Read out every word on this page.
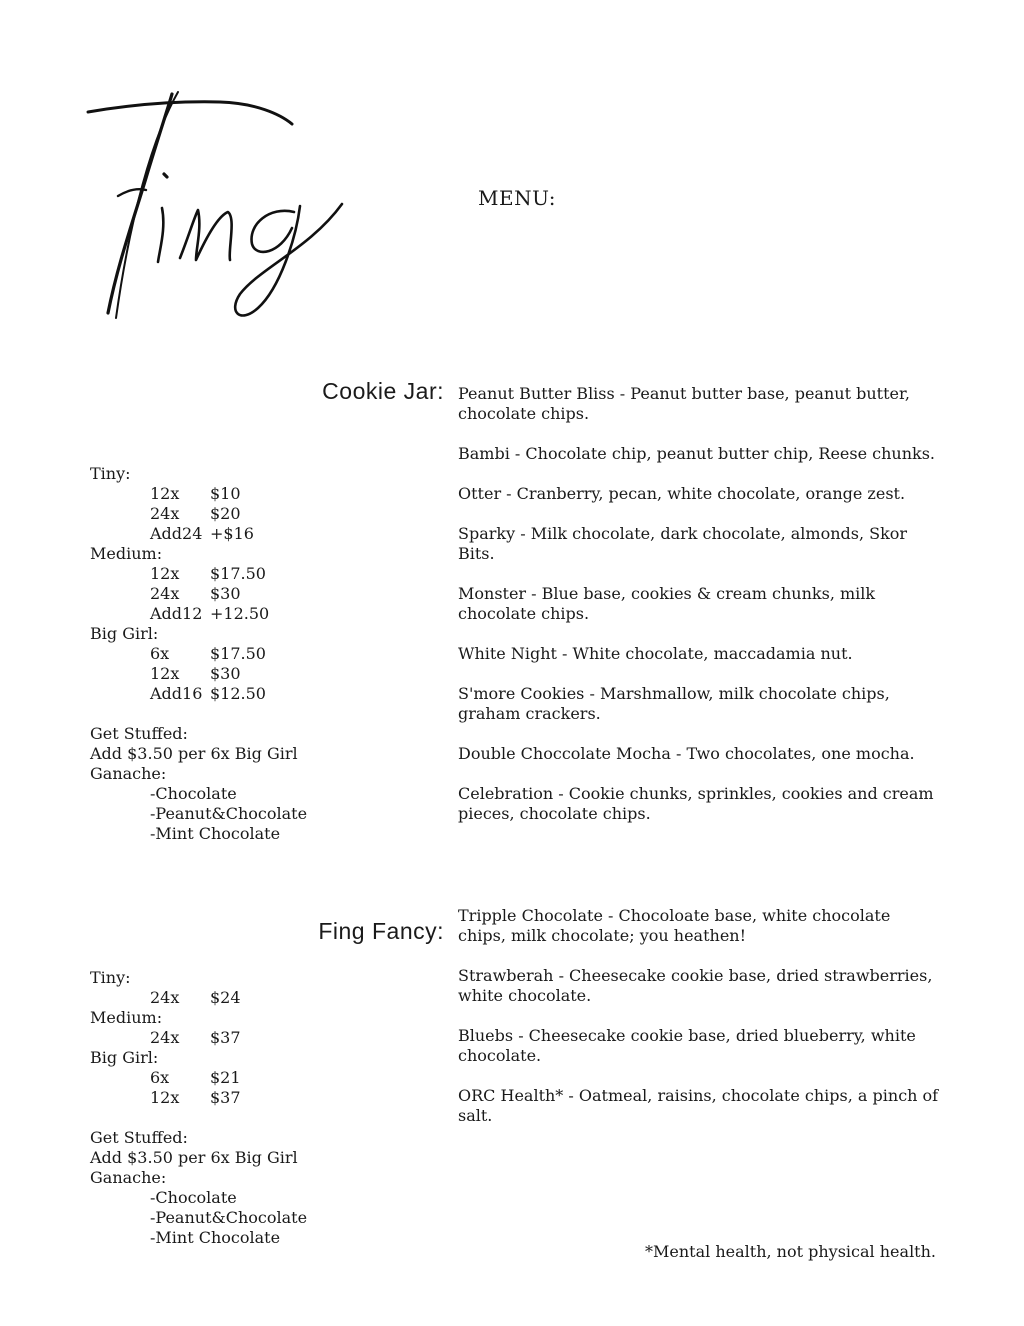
MENU:
Cookie Jar:
Tiny:
12x $10
24x $20
Add24 +$16
Medium:
12x $17.50
24x $30
Add12 +12.50
Big Girl:
6x	$17.50
12x $30
Add16 $12.50
Get Stuffed:
Add $3.50 per 6x Big Girl
Ganache:
-Chocolate
-Peanut&Chocolate
-Mint Chocolate
Peanut Butter Bliss - Peanut butter base, peanut butter, chocolate chips.
Bambi - Chocolate chip, peanut butter chip, Reese chunks.
Otter - Cranberry, pecan, white chocolate, orange zest.
Sparky - Milk chocolate, dark chocolate, almonds, Skor Bits.
Monster - Blue base, cookies & cream chunks, milk chocolate chips.
White Night - White chocolate, maccadamia nut.
S'more Cookies - Marshmallow, milk chocolate chips, graham crackers.
Double Choccolate Mocha - Two chocolates, one mocha.
Celebration - Cookie chunks, sprinkles, cookies and cream pieces, chocolate chips.
Fing Fancy:
Tiny:
24x $24
Medium:
24x $37
Big Girl:
6x	$21
12x $37
Get Stuffed:
Add $3.50 per 6x Big Girl
Ganache:
-Chocolate
-Peanut&Chocolate
-Mint Chocolate
Tripple Chocolate - Chocoloate base, white chocolate chips, milk chocolate; you heathen!
Strawberah - Cheesecake cookie base, dried strawberries, white chocolate.
Bluebs - Cheesecake cookie base, dried blueberry, white chocolate.
ORC Health* - Oatmeal, raisins, chocolate chips, a pinch of salt.
*Mental health, not physical health.
